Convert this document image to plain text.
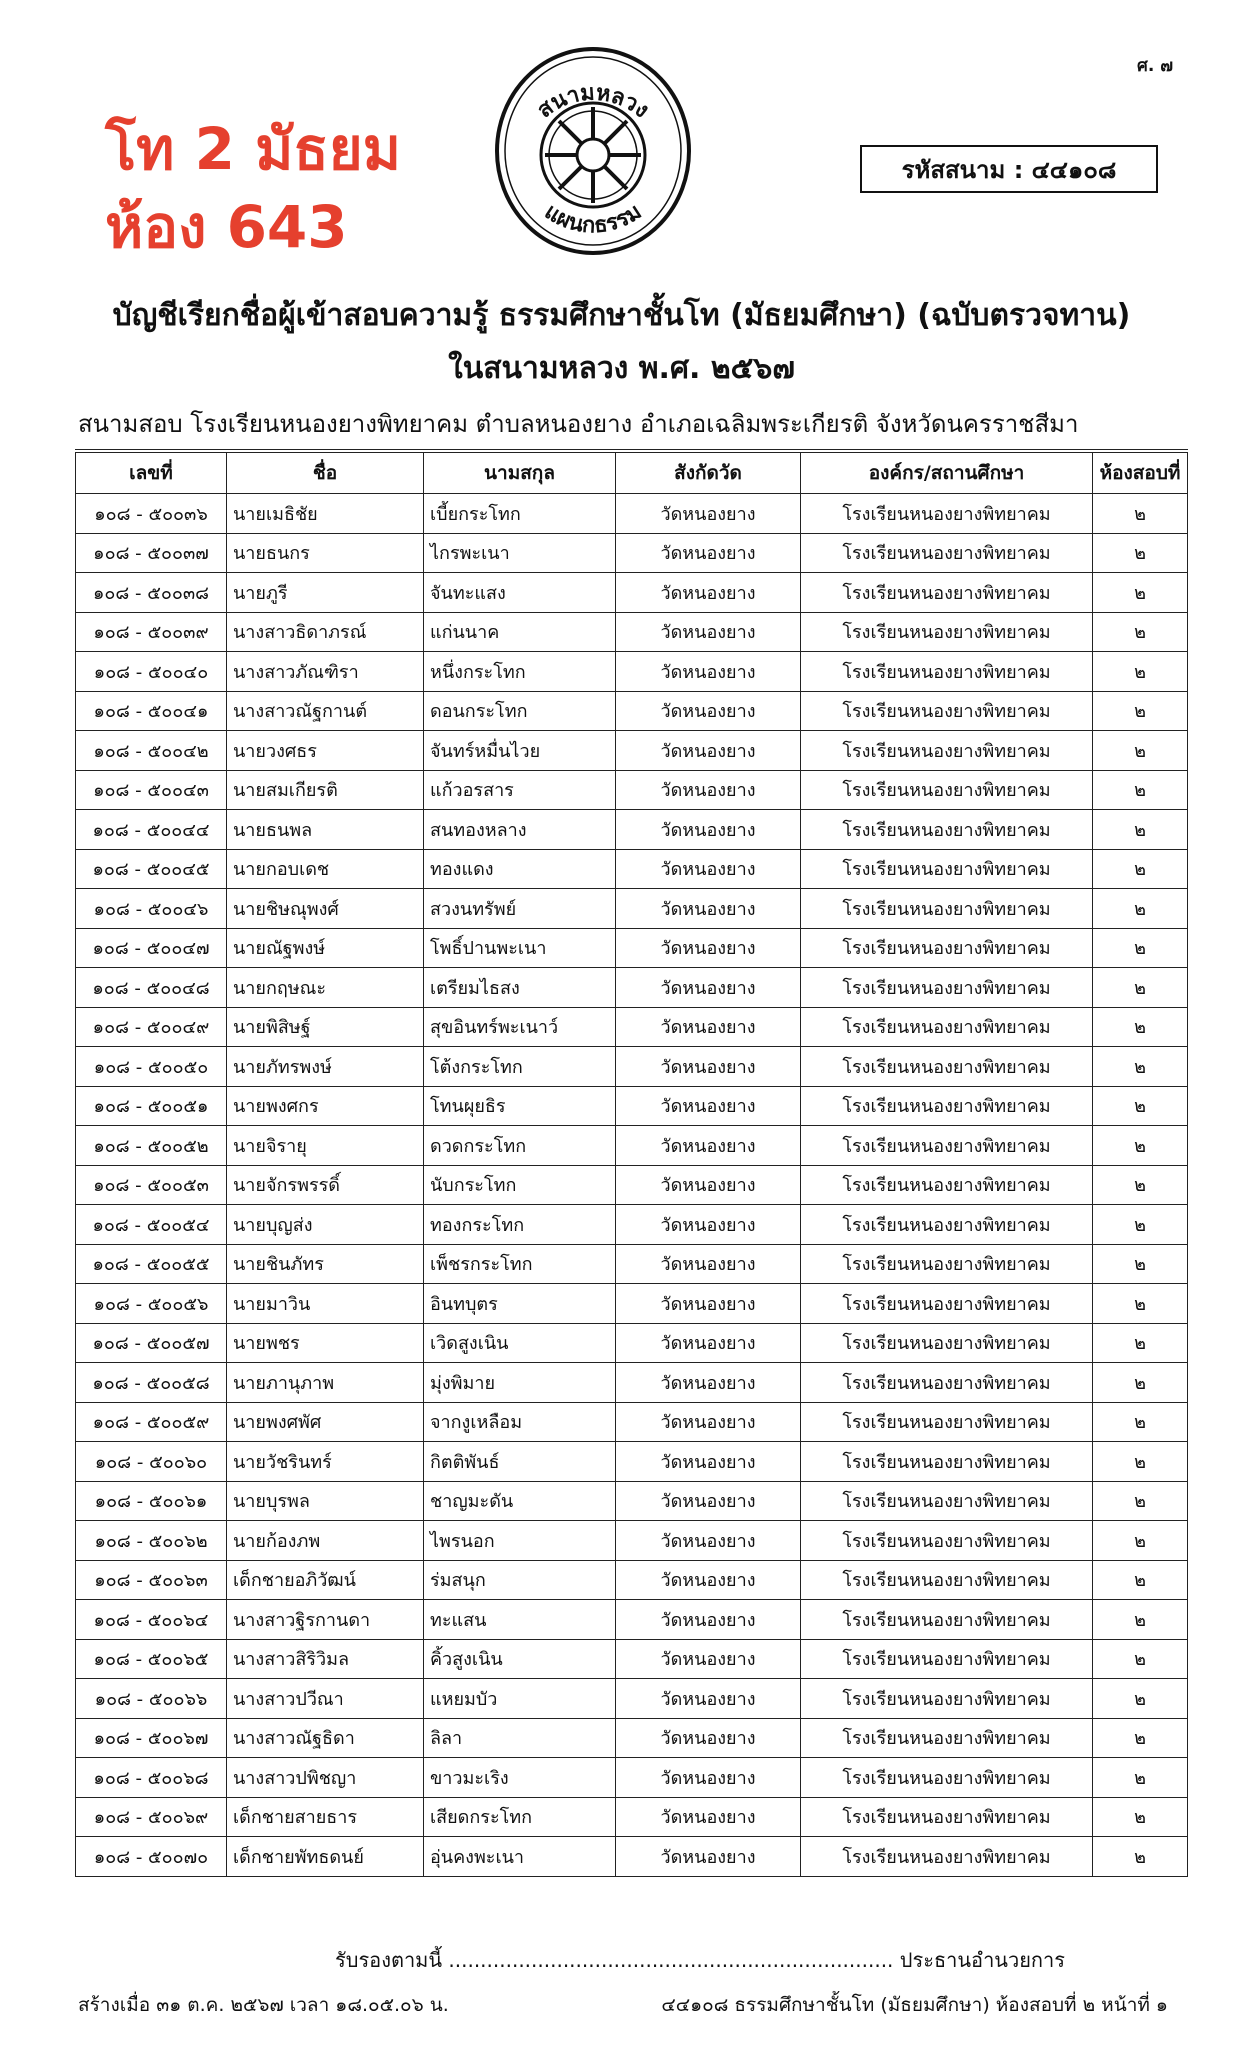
ศ. ๗
โท 2 มัธยม
ห้อง 643
สนามหลวง
แผนกธรรม
รหัสสนาม : ๔๔๑๐๘
บัญชีเรียกชื่อผู้เข้าสอบความรู้ ธรรมศึกษาชั้นโท (มัธยมศึกษา) (ฉบับตรวจทาน)
ในสนามหลวง พ.ศ. ๒๕๖๗
สนามสอบ โรงเรียนหนองยางพิทยาคม ตำบลหนองยาง อำเภอเฉลิมพระเกียรติ จังหวัดนครราชสีมา
เลขที่	ชื่อ	นามสกุล	สังกัดวัด	องค์กร/สถานศึกษา	ห้องสอบที่
๑๐๘ - ๕๐๐๓๖	นายเมธิชัย	เบี้ยกระโทก	วัดหนองยาง	โรงเรียนหนองยางพิทยาคม	๒
๑๐๘ - ๕๐๐๓๗	นายธนกร	ไกรพะเนา	วัดหนองยาง	โรงเรียนหนองยางพิทยาคม	๒
๑๐๘ - ๕๐๐๓๘	นายภูรี	จันทะแสง	วัดหนองยาง	โรงเรียนหนองยางพิทยาคม	๒
๑๐๘ - ๕๐๐๓๙	นางสาวธิดาภรณ์	แก่นนาค	วัดหนองยาง	โรงเรียนหนองยางพิทยาคม	๒
๑๐๘ - ๕๐๐๔๐	นางสาวภัณฑิรา	หนึ่งกระโทก	วัดหนองยาง	โรงเรียนหนองยางพิทยาคม	๒
๑๐๘ - ๕๐๐๔๑	นางสาวณัฐกานต์	ดอนกระโทก	วัดหนองยาง	โรงเรียนหนองยางพิทยาคม	๒
๑๐๘ - ๕๐๐๔๒	นายวงศธร	จันทร์หมื่นไวย	วัดหนองยาง	โรงเรียนหนองยางพิทยาคม	๒
๑๐๘ - ๕๐๐๔๓	นายสมเกียรติ	แก้วอรสาร	วัดหนองยาง	โรงเรียนหนองยางพิทยาคม	๒
๑๐๘ - ๕๐๐๔๔	นายธนพล	สนทองหลาง	วัดหนองยาง	โรงเรียนหนองยางพิทยาคม	๒
๑๐๘ - ๕๐๐๔๕	นายกอบเดช	ทองแดง	วัดหนองยาง	โรงเรียนหนองยางพิทยาคม	๒
๑๐๘ - ๕๐๐๔๖	นายชิษณุพงศ์	สวงนทรัพย์	วัดหนองยาง	โรงเรียนหนองยางพิทยาคม	๒
๑๐๘ - ๕๐๐๔๗	นายณัฐพงษ์	โพธิ์ปานพะเนา	วัดหนองยาง	โรงเรียนหนองยางพิทยาคม	๒
๑๐๘ - ๕๐๐๔๘	นายกฤษณะ	เตรียมไธสง	วัดหนองยาง	โรงเรียนหนองยางพิทยาคม	๒
๑๐๘ - ๕๐๐๔๙	นายพิสิษฐ์	สุขอินทร์พะเนาว์	วัดหนองยาง	โรงเรียนหนองยางพิทยาคม	๒
๑๐๘ - ๕๐๐๕๐	นายภัทรพงษ์	โต้งกระโทก	วัดหนองยาง	โรงเรียนหนองยางพิทยาคม	๒
๑๐๘ - ๕๐๐๕๑	นายพงศกร	โทนผุยธิร	วัดหนองยาง	โรงเรียนหนองยางพิทยาคม	๒
๑๐๘ - ๕๐๐๕๒	นายจิรายุ	ดวดกระโทก	วัดหนองยาง	โรงเรียนหนองยางพิทยาคม	๒
๑๐๘ - ๕๐๐๕๓	นายจักรพรรดิ์	นับกระโทก	วัดหนองยาง	โรงเรียนหนองยางพิทยาคม	๒
๑๐๘ - ๕๐๐๕๔	นายบุญส่ง	ทองกระโทก	วัดหนองยาง	โรงเรียนหนองยางพิทยาคม	๒
๑๐๘ - ๕๐๐๕๕	นายชินภัทร	เพ็ชรกระโทก	วัดหนองยาง	โรงเรียนหนองยางพิทยาคม	๒
๑๐๘ - ๕๐๐๕๖	นายมาวิน	อินทบุตร	วัดหนองยาง	โรงเรียนหนองยางพิทยาคม	๒
๑๐๘ - ๕๐๐๕๗	นายพชร	เวิดสูงเนิน	วัดหนองยาง	โรงเรียนหนองยางพิทยาคม	๒
๑๐๘ - ๕๐๐๕๘	นายภานุภาพ	มุ่งพิมาย	วัดหนองยาง	โรงเรียนหนองยางพิทยาคม	๒
๑๐๘ - ๕๐๐๕๙	นายพงศพัศ	จากงูเหลือม	วัดหนองยาง	โรงเรียนหนองยางพิทยาคม	๒
๑๐๘ - ๕๐๐๖๐	นายวัชรินทร์	กิตติพันธ์	วัดหนองยาง	โรงเรียนหนองยางพิทยาคม	๒
๑๐๘ - ๕๐๐๖๑	นายบุรพล	ชาญมะดัน	วัดหนองยาง	โรงเรียนหนองยางพิทยาคม	๒
๑๐๘ - ๕๐๐๖๒	นายก้องภพ	ไพรนอก	วัดหนองยาง	โรงเรียนหนองยางพิทยาคม	๒
๑๐๘ - ๕๐๐๖๓	เด็กชายอภิวัฒน์	ร่มสนุก	วัดหนองยาง	โรงเรียนหนองยางพิทยาคม	๒
๑๐๘ - ๕๐๐๖๔	นางสาวฐิรกานดา	ทะแสน	วัดหนองยาง	โรงเรียนหนองยางพิทยาคม	๒
๑๐๘ - ๕๐๐๖๕	นางสาวสิริวิมล	คิ้วสูงเนิน	วัดหนองยาง	โรงเรียนหนองยางพิทยาคม	๒
๑๐๘ - ๕๐๐๖๖	นางสาวปวีณา	แหยมบัว	วัดหนองยาง	โรงเรียนหนองยางพิทยาคม	๒
๑๐๘ - ๕๐๐๖๗	นางสาวณัฐธิดา	ลิลา	วัดหนองยาง	โรงเรียนหนองยางพิทยาคม	๒
๑๐๘ - ๕๐๐๖๘	นางสาวปพิชญา	ขาวมะเริง	วัดหนองยาง	โรงเรียนหนองยางพิทยาคม	๒
๑๐๘ - ๕๐๐๖๙	เด็กชายสายธาร	เสียดกระโทก	วัดหนองยาง	โรงเรียนหนองยางพิทยาคม	๒
๑๐๘ - ๕๐๐๗๐	เด็กชายพัทธดนย์	อุ่นคงพะเนา	วัดหนองยาง	โรงเรียนหนองยางพิทยาคม	๒
รับรองตามนี้ ...................................................................... ประธานอำนวยการ
สร้างเมื่อ ๓๑ ต.ค. ๒๕๖๗ เวลา ๑๘.๐๕.๐๖ น.	๔๔๑๐๘ ธรรมศึกษาชั้นโท (มัธยมศึกษา) ห้องสอบที่ ๒ หน้าที่ ๑
